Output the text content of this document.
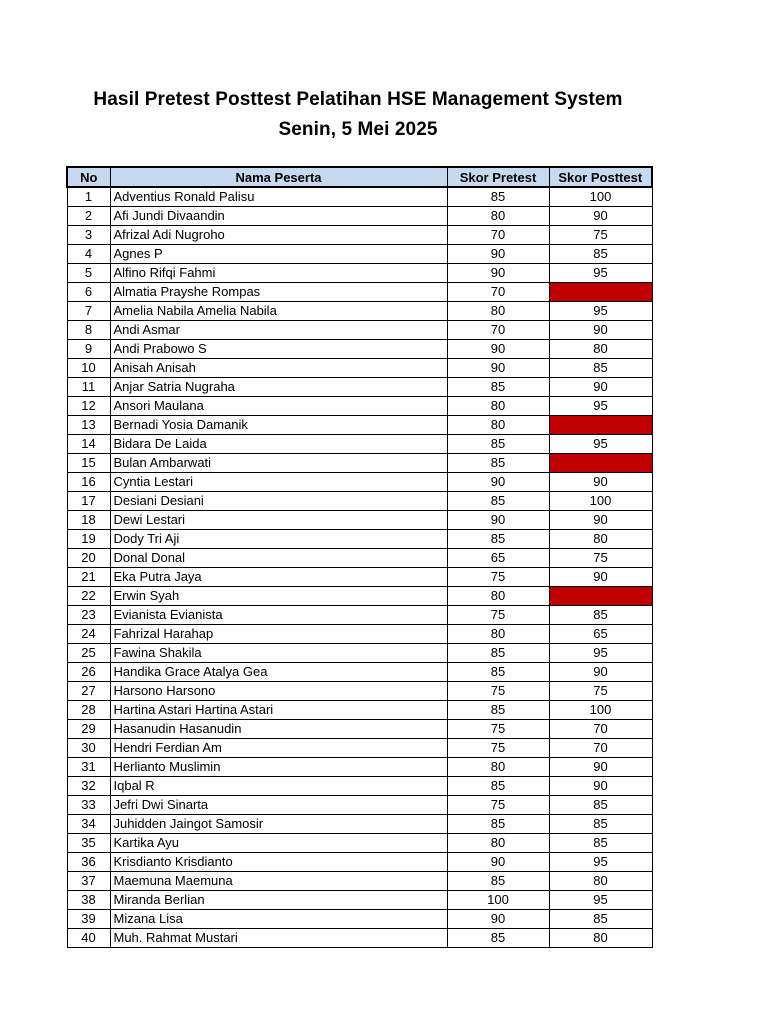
Hasil Pretest Posttest Pelatihan HSE Management System
Senin, 5 Mei 2025
No	Nama Peserta	Skor Pretest	Skor Posttest
1	Adventius Ronald Palisu	85	100
2	Afi Jundi Divaandin	80	90
3	Afrizal Adi Nugroho	70	75
4	Agnes P	90	85
5	Alfino Rifqi Fahmi	90	95
6	Almatia Prayshe Rompas	70	
7	Amelia Nabila Amelia Nabila	80	95
8	Andi Asmar	70	90
9	Andi Prabowo S	90	80
10	Anisah Anisah	90	85
11	Anjar Satria Nugraha	85	90
12	Ansori Maulana	80	95
13	Bernadi Yosia Damanik	80	
14	Bidara De Laida	85	95
15	Bulan Ambarwati	85	
16	Cyntia Lestari	90	90
17	Desiani Desiani	85	100
18	Dewi Lestari	90	90
19	Dody Tri Aji	85	80
20	Donal Donal	65	75
21	Eka Putra Jaya	75	90
22	Erwin Syah	80	
23	Evianista Evianista	75	85
24	Fahrizal Harahap	80	65
25	Fawina Shakila	85	95
26	Handika Grace Atalya Gea	85	90
27	Harsono Harsono	75	75
28	Hartina Astari Hartina Astari	85	100
29	Hasanudin Hasanudin	75	70
30	Hendri Ferdian Am	75	70
31	Herlianto Muslimin	80	90
32	Iqbal R	85	90
33	Jefri Dwi Sinarta	75	85
34	Juhidden Jaingot Samosir	85	85
35	Kartika Ayu	80	85
36	Krisdianto Krisdianto	90	95
37	Maemuna Maemuna	85	80
38	Miranda Berlian	100	95
39	Mizana Lisa	90	85
40	Muh. Rahmat Mustari	85	80
